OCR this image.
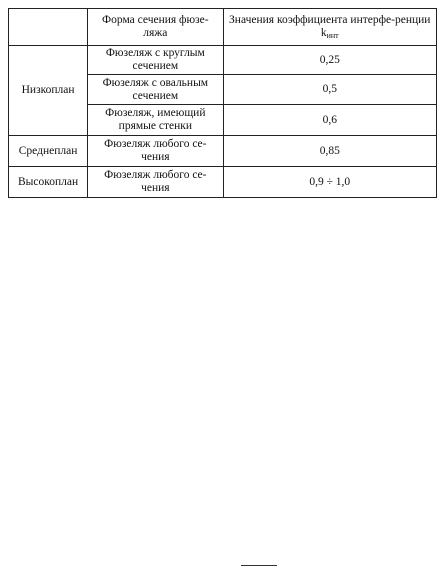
	Форма сечения фюзе-ляжа	Значения коэффициента интерфе-ренции $k_{инт}$
Низкоплан	Фюзеляж с круглым сечением	0,25
	Фюзеляж с овальным сечением	0,5
	Фюзеляж, имеющий прямые стенки	0,6
Среднеплан	Фюзеляж любого се-чения	0,85
Высокоплан	Фюзеляж любого се-чения	0,9 ÷ 1,0
